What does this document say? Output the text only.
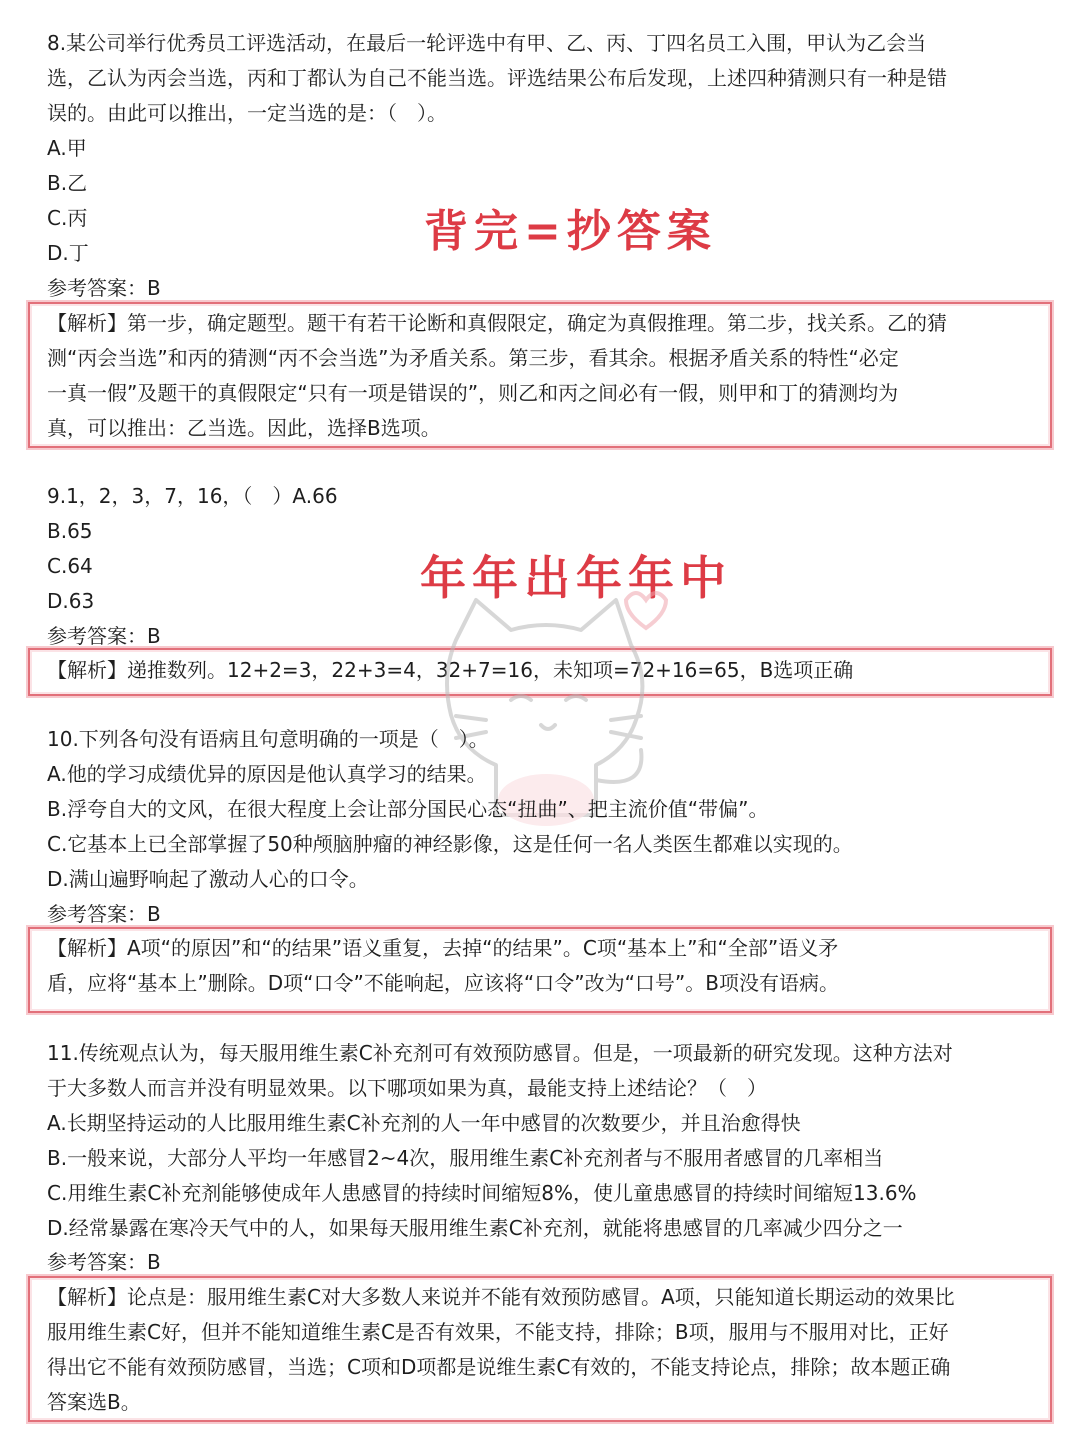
8.某公司举行优秀员工评选活动，在最后一轮评选中有甲、乙、丙、丁四名员工入围，甲认为乙会当
选，乙认为丙会当选，丙和丁都认为自己不能当选。评选结果公布后发现，上述四种猜测只有一种是错
误的。由此可以推出，一定当选的是：（　）。
A.甲
B.乙
C.丙
D.丁
参考答案：B
背完=抄答案
【解析】第一步，确定题型。题干有若干论断和真假限定，确定为真假推理。第二步，找关系。乙的猜
测“丙会当选”和丙的猜测“丙不会当选”为矛盾关系。第三步，看其余。根据矛盾关系的特性“必定
一真一假”及题干的真假限定“只有一项是错误的”，则乙和丙之间必有一假，则甲和丁的猜测均为
真，可以推出：乙当选。因此，选择B选项。
9.1，2，3，7，16，（　）A.66
B.65
C.64
D.63
参考答案：B
年年出年年中
【解析】递推数列。12+2=3，22+3=4，32+7=16，未知项=72+16=65，B选项正确
10.下列各句没有语病且句意明确的一项是（　）。
A.他的学习成绩优异的原因是他认真学习的结果。
B.浮夸自大的文风，在很大程度上会让部分国民心态“扭曲”、把主流价值“带偏”。
C.它基本上已全部掌握了50种颅脑肿瘤的神经影像，这是任何一名人类医生都难以实现的。
D.满山遍野响起了激动人心的口令。
参考答案：B
【解析】A项“的原因”和“的结果”语义重复，去掉“的结果”。C项“基本上”和“全部”语义矛
盾，应将“基本上”删除。D项“口令”不能响起，应该将“口令”改为“口号”。B项没有语病。
11.传统观点认为，每天服用维生素C补充剂可有效预防感冒。但是，一项最新的研究发现。这种方法对
于大多数人而言并没有明显效果。以下哪项如果为真，最能支持上述结论？（　）
A.长期坚持运动的人比服用维生素C补充剂的人一年中感冒的次数要少，并且治愈得快
B.一般来说，大部分人平均一年感冒2~4次，服用维生素C补充剂者与不服用者感冒的几率相当
C.用维生素C补充剂能够使成年人患感冒的持续时间缩短8%，使儿童患感冒的持续时间缩短13.6%
D.经常暴露在寒冷天气中的人，如果每天服用维生素C补充剂，就能将患感冒的几率减少四分之一
参考答案：B
【解析】论点是：服用维生素C对大多数人来说并不能有效预防感冒。A项，只能知道长期运动的效果比
服用维生素C好，但并不能知道维生素C是否有效果，不能支持，排除；B项，服用与不服用对比，正好
得出它不能有效预防感冒，当选；C项和D项都是说维生素C有效的，不能支持论点，排除；故本题正确
答案选B。
